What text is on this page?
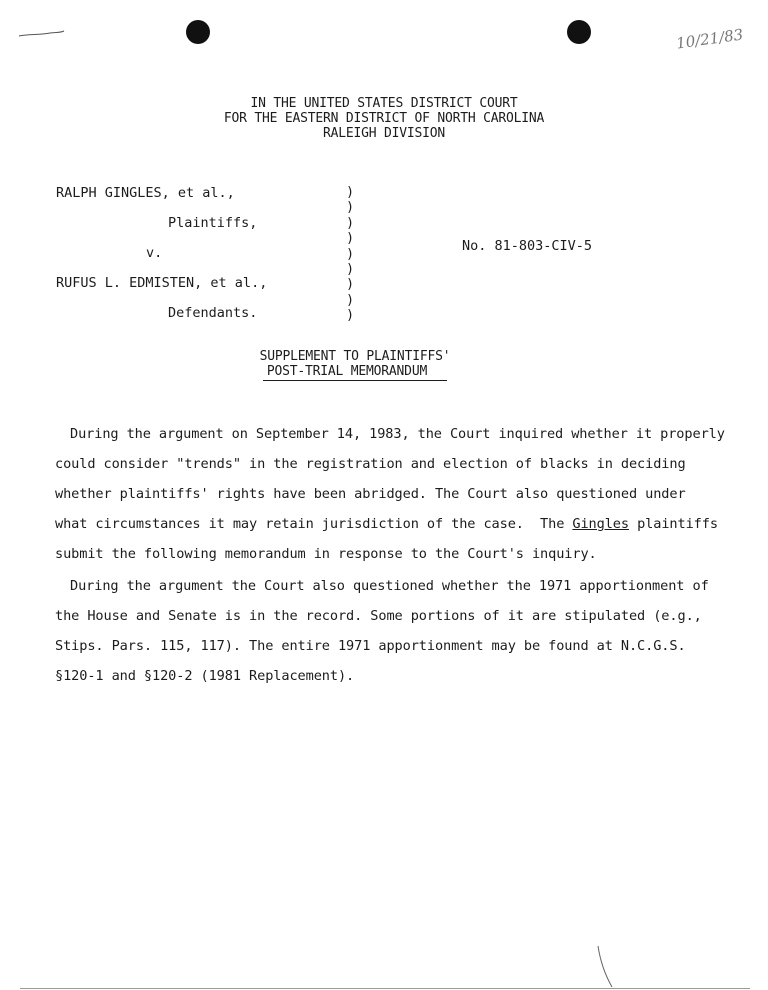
10/21/83
IN THE UNITED STATES DISTRICT COURT
FOR THE EASTERN DISTRICT OF NORTH CAROLINA
RALEIGH DIVISION
RALPH GINGLES, et al.,
Plaintiffs,
v.
RUFUS L. EDMISTEN, et al.,
Defendants.
)
)
)
)
)
)
)
)
)
No. 81-803-CIV-5
SUPPLEMENT TO PLAINTIFFS'
POST-TRIAL MEMORANDUM
During the argument on September 14, 1983, the Court inquired whether it properly
could consider "trends" in the registration and election of blacks in deciding
whether plaintiffs' rights have been abridged. The Court also questioned under
what circumstances it may retain jurisdiction of the case.  The Gingles plaintiffs
submit the following memorandum in response to the Court's inquiry.
During the argument the Court also questioned whether the 1971 apportionment of
the House and Senate is in the record. Some portions of it are stipulated (e.g.,
Stips. Pars. 115, 117). The entire 1971 apportionment may be found at N.C.G.S.
§120-1 and §120-2 (1981 Replacement).
